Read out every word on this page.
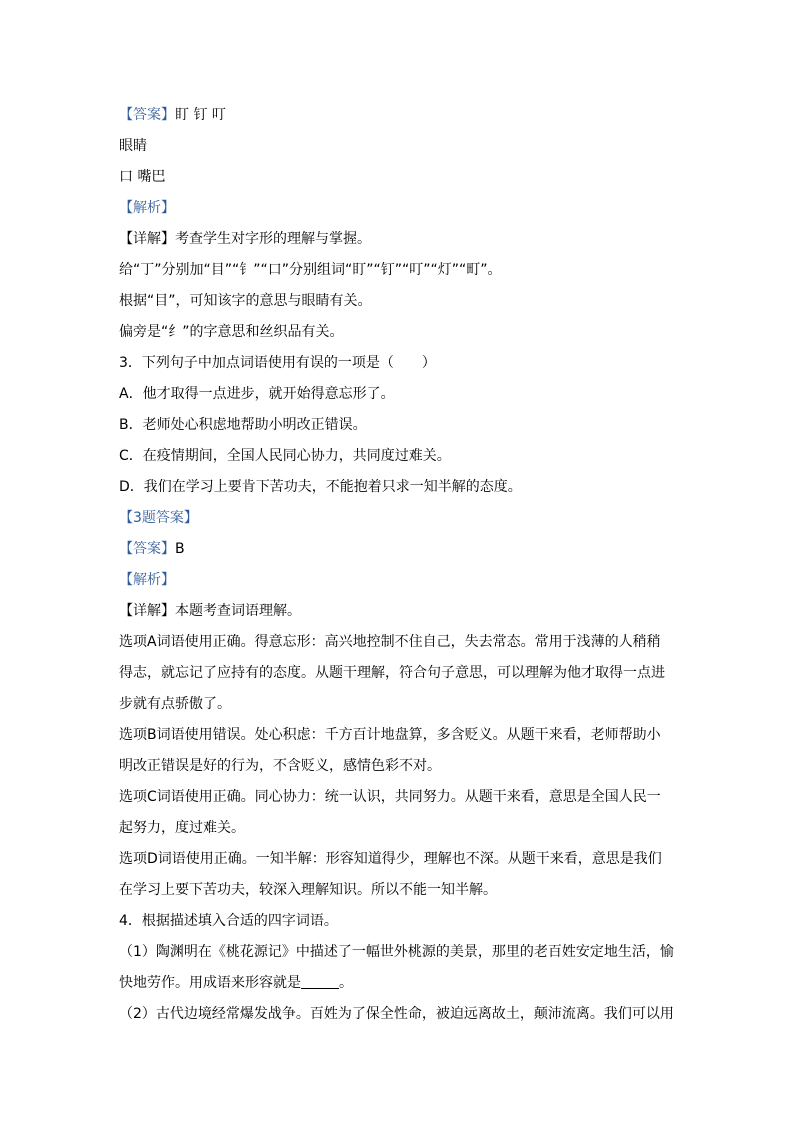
【答案】盯 钉 叮
眼睛
口 嘴巴
【解析】
【详解】考查学生对字形的理解与掌握。
给“丁”分别加“目”“钅”“口”分别组词“盯”“钉”“叮”“灯”“町”。
根据“目”，可知该字的意思与眼睛有关。
偏旁是“纟”的字意思和丝织品有关。
3．下列句子中加点词语使用有误的一项是（　　）
A．他才取得一点进步，就开始得意忘形了。
B．老师处心积虑地帮助小明改正错误。
C．在疫情期间，全国人民同心协力，共同度过难关。
D．我们在学习上要肯下苦功夫，不能抱着只求一知半解的态度。
【3题答案】
【答案】B
【解析】
【详解】本题考查词语理解。
选项A词语使用正确。得意忘形：高兴地控制不住自己，失去常态。常用于浅薄的人稍稍
得志，就忘记了应持有的态度。从题干理解，符合句子意思，可以理解为他才取得一点进
步就有点骄傲了。
选项B词语使用错误。处心积虑：千方百计地盘算，多含贬义。从题干来看，老师帮助小
明改正错误是好的行为，不含贬义，感情色彩不对。
选项C词语使用正确。同心协力：统一认识，共同努力。从题干来看，意思是全国人民一
起努力，度过难关。
选项D词语使用正确。一知半解：形容知道得少，理解也不深。从题干来看，意思是我们
在学习上要下苦功夫，较深入理解知识。所以不能一知半解。
4．根据描述填入合适的四字词语。
（1）陶渊明在《桃花源记》中描述了一幅世外桃源的美景，那里的老百姓安定地生活，愉
快地劳作。用成语来形容就是	。
（2）古代边境经常爆发战争。百姓为了保全性命，被迫远离故土，颠沛流离。我们可以用
